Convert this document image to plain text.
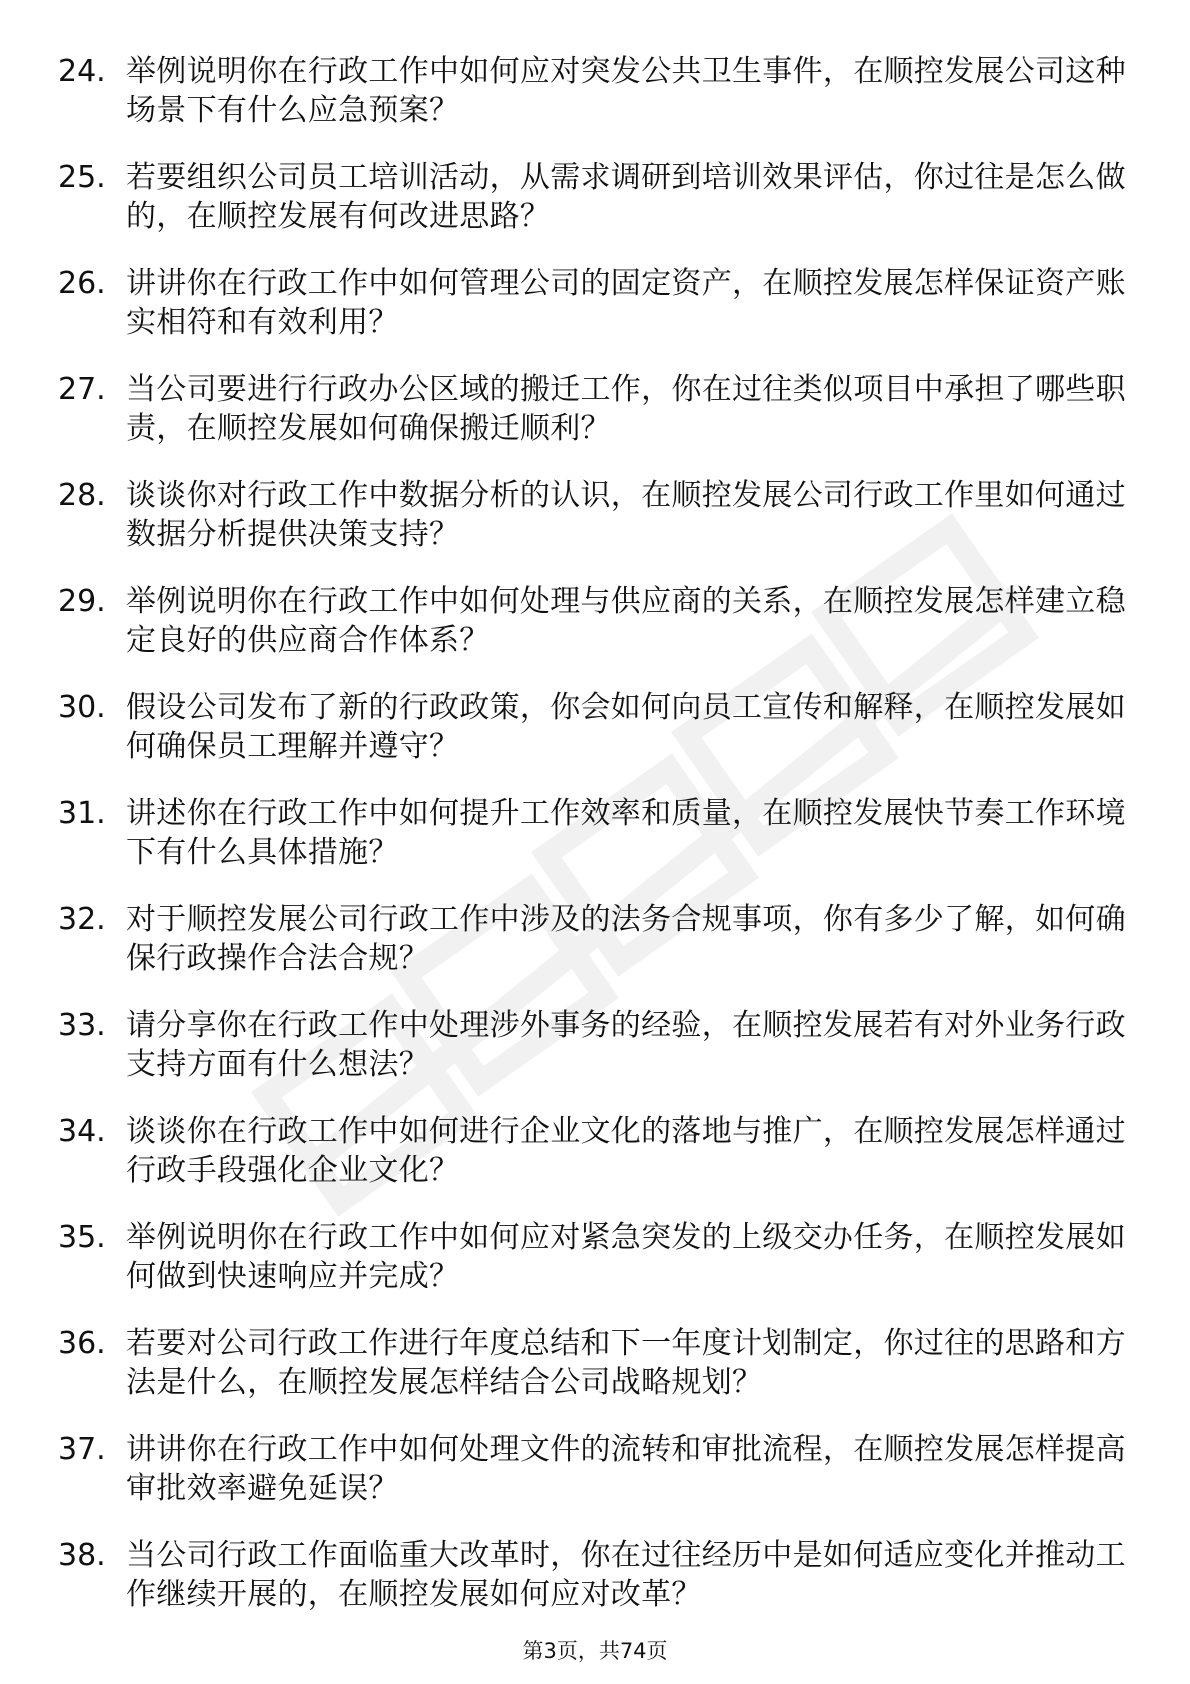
24. 举例说明你在行政工作中如何应对突发公共卫生事件，在顺控发展公司这种场景下有什么应急预案？
25. 若要组织公司员工培训活动，从需求调研到培训效果评估，你过往是怎么做的，在顺控发展有何改进思路？
26. 讲讲你在行政工作中如何管理公司的固定资产，在顺控发展怎样保证资产账实相符和有效利用？
27. 当公司要进行行政办公区域的搬迁工作，你在过往类似项目中承担了哪些职责，在顺控发展如何确保搬迁顺利？
28. 谈谈你对行政工作中数据分析的认识，在顺控发展公司行政工作里如何通过数据分析提供决策支持？
29. 举例说明你在行政工作中如何处理与供应商的关系，在顺控发展怎样建立稳定良好的供应商合作体系？
30. 假设公司发布了新的行政政策，你会如何向员工宣传和解释，在顺控发展如何确保员工理解并遵守？
31. 讲述你在行政工作中如何提升工作效率和质量，在顺控发展快节奏工作环境下有什么具体措施？
32. 对于顺控发展公司行政工作中涉及的法务合规事项，你有多少了解，如何确保行政操作合法合规？
33. 请分享你在行政工作中处理涉外事务的经验，在顺控发展若有对外业务行政支持方面有什么想法？
34. 谈谈你在行政工作中如何进行企业文化的落地与推广，在顺控发展怎样通过行政手段强化企业文化？
35. 举例说明你在行政工作中如何应对紧急突发的上级交办任务，在顺控发展如何做到快速响应并完成？
36. 若要对公司行政工作进行年度总结和下一年度计划制定，你过往的思路和方法是什么，在顺控发展怎样结合公司战略规划？
37. 讲讲你在行政工作中如何处理文件的流转和审批流程，在顺控发展怎样提高审批效率避免延误？
38. 当公司行政工作面临重大改革时，你在过往经历中是如何适应变化并推动工作继续开展的，在顺控发展如何应对改革？
第3页，共74页
